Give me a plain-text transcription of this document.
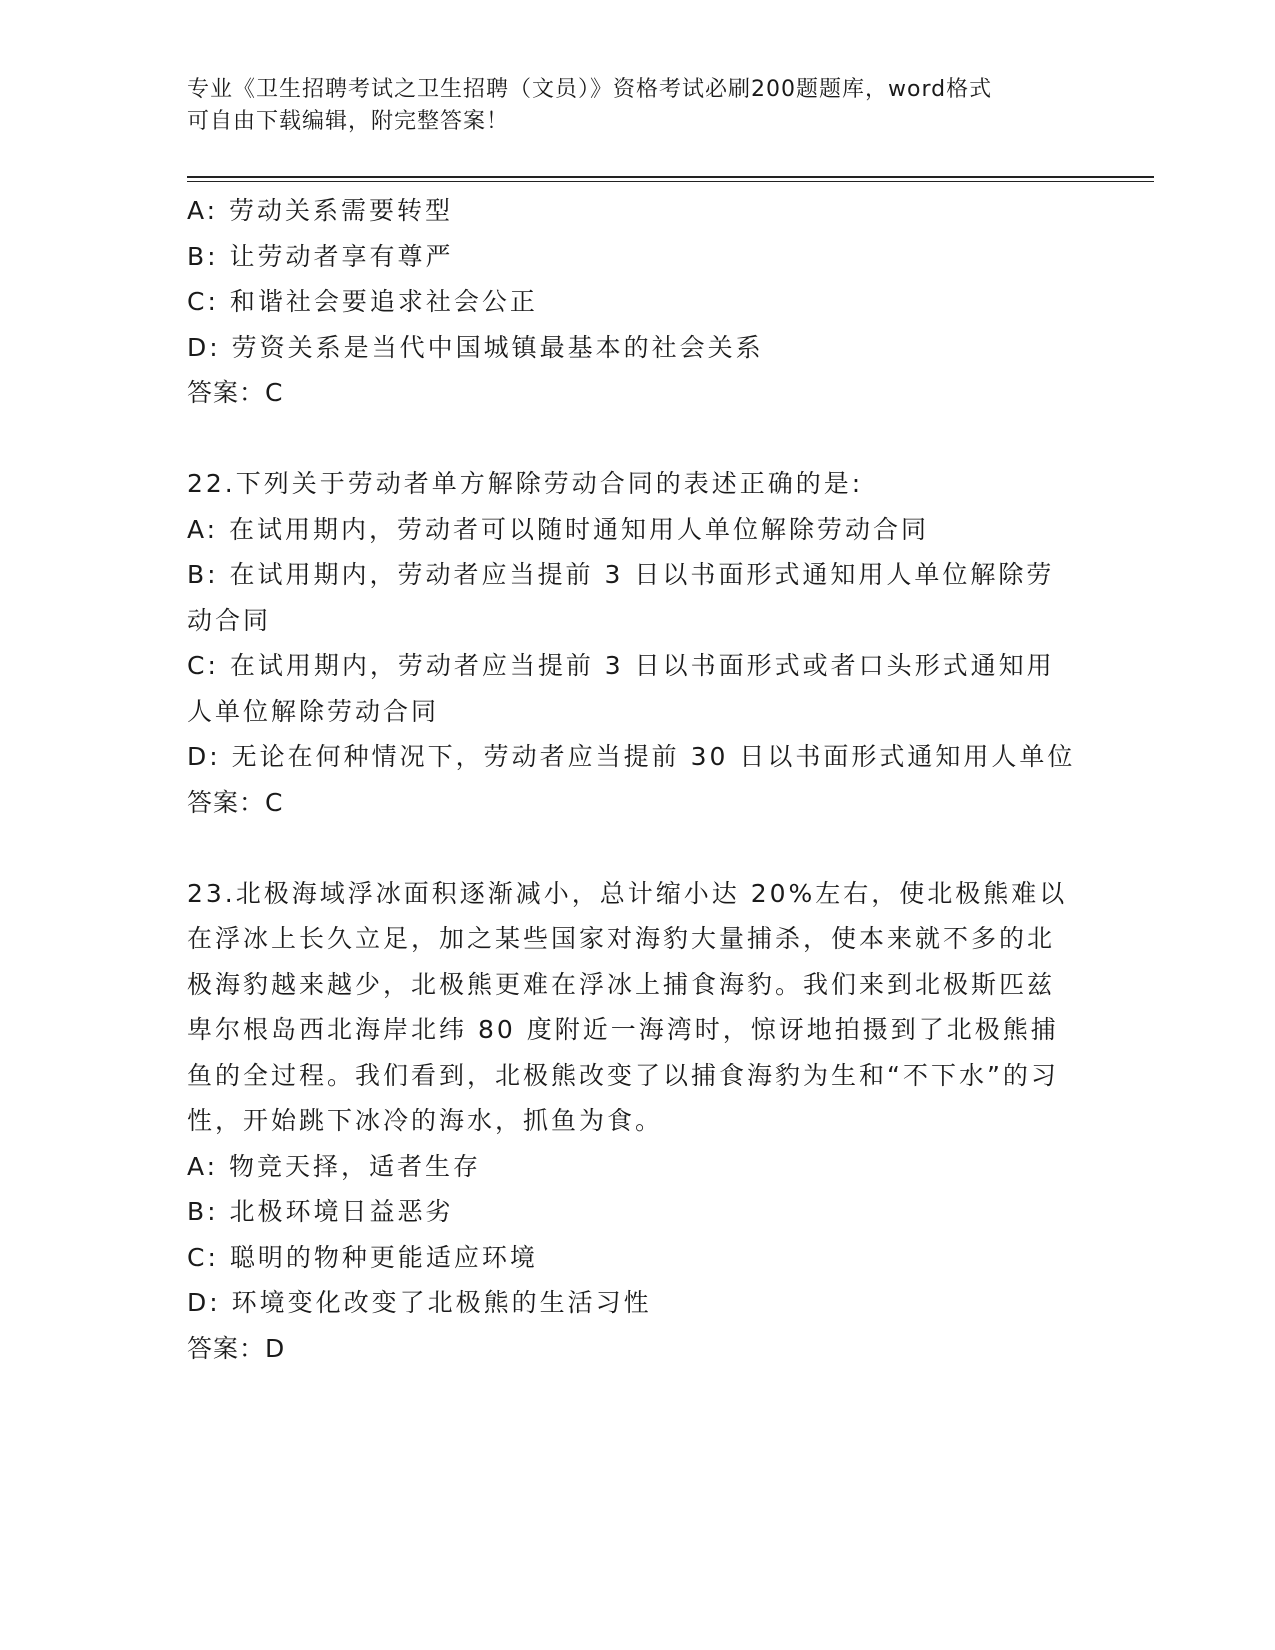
专业《卫生招聘考试之卫生招聘（文员）》资格考试必刷200题题库，word格式
可自由下载编辑，附完整答案！
A: 劳动关系需要转型
B: 让劳动者享有尊严
C: 和谐社会要追求社会公正
D: 劳资关系是当代中国城镇最基本的社会关系
答案：C
22.下列关于劳动者单方解除劳动合同的表述正确的是:
A: 在试用期内，劳动者可以随时通知用人单位解除劳动合同
B: 在试用期内，劳动者应当提前 3 日以书面形式通知用人单位解除劳动合同
C: 在试用期内，劳动者应当提前 3 日以书面形式或者口头形式通知用人单位解除劳动合同
D: 无论在何种情况下，劳动者应当提前 30 日以书面形式通知用人单位
答案：C
23.北极海域浮冰面积逐渐减小，总计缩小达 20%左右，使北极熊难以在浮冰上长久立足，加之某些国家对海豹大量捕杀，使本来就不多的北极海豹越来越少，北极熊更难在浮冰上捕食海豹。我们来到北极斯匹兹卑尔根岛西北海岸北纬 80 度附近一海湾时，惊讶地拍摄到了北极熊捕鱼的全过程。我们看到，北极熊改变了以捕食海豹为生和“不下水”的习性，开始跳下冰冷的海水，抓鱼为食。
A: 物竞天择，适者生存
B: 北极环境日益恶劣
C: 聪明的物种更能适应环境
D: 环境变化改变了北极熊的生活习性
答案：D
